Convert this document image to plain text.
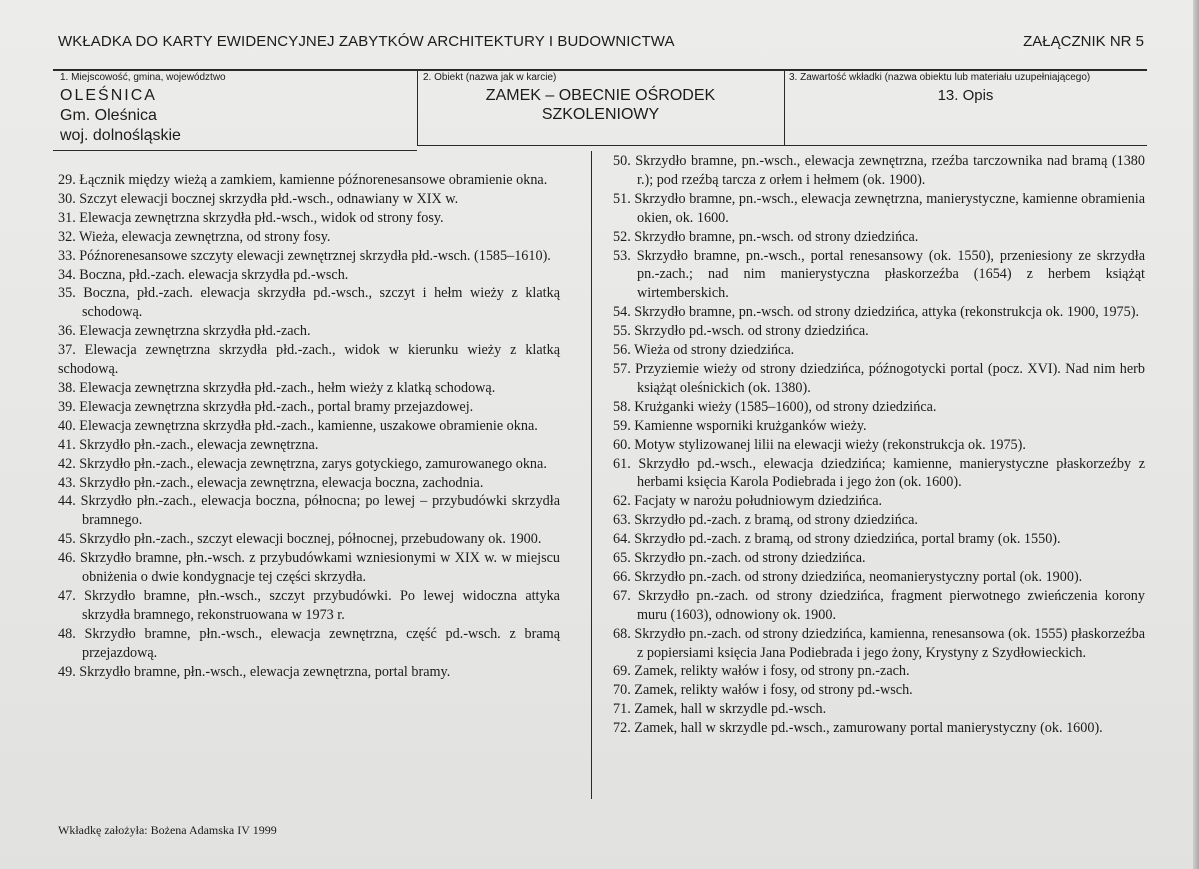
WKŁADKA DO KARTY EWIDENCYJNEJ ZABYTKÓW ARCHITEKTURY I BUDOWNICTWA	ZAŁĄCZNIK NR 5
1. Miejscowość, gmina, województwo
OLEŚNICA
Gm. Oleśnica
woj. dolnośląskie
2. Obiekt (nazwa jak w karcie)
ZAMEK – OBECNIE OŚRODEK
SZKOLENIOWY
3. Zawartość wkładki (nazwa obiektu lub materiału uzupełniającego)
13. Opis
29. Łącznik między wieżą a zamkiem, kamienne późnorenesansowe obramienie okna.
30. Szczyt elewacji bocznej skrzydła płd.-wsch., odnawiany w XIX w.
31. Elewacja zewnętrzna skrzydła płd.-wsch., widok od strony fosy.
32. Wieża, elewacja zewnętrzna, od strony fosy.
33. Późnorenesansowe szczyty elewacji zewnętrznej skrzydła płd.-wsch. (1585–1610).
34. Boczna, płd.-zach. elewacja skrzydła pd.-wsch.
35. Boczna, płd.-zach. elewacja skrzydła pd.-wsch., szczyt i hełm wieży z klatką schodową.
36. Elewacja zewnętrzna skrzydła płd.-zach.
37. Elewacja zewnętrzna skrzydła płd.-zach., widok w kierunku wieży z klatką schodową.
38. Elewacja zewnętrzna skrzydła płd.-zach., hełm wieży z klatką schodową.
39. Elewacja zewnętrzna skrzydła płd.-zach., portal bramy przejazdowej.
40. Elewacja zewnętrzna skrzydła płd.-zach., kamienne, uszakowe obramienie okna.
41. Skrzydło płn.-zach., elewacja zewnętrzna.
42. Skrzydło płn.-zach., elewacja zewnętrzna, zarys gotyckiego, zamurowanego okna.
43. Skrzydło płn.-zach., elewacja zewnętrzna, elewacja boczna, zachodnia.
44. Skrzydło płn.-zach., elewacja boczna, północna; po lewej – przybudówki skrzydła bramnego.
45. Skrzydło płn.-zach., szczyt elewacji bocznej, północnej, przebudowany ok. 1900.
46. Skrzydło bramne, płn.-wsch. z przybudówkami wzniesionymi w XIX w. w miejscu obniżenia o dwie kondygnacje tej części skrzydła.
47. Skrzydło bramne, płn.-wsch., szczyt przybudówki. Po lewej widoczna attyka skrzydła bramnego, rekonstruowana w 1973 r.
48. Skrzydło bramne, płn.-wsch., elewacja zewnętrzna, część pd.-wsch. z bramą przejazdową.
49. Skrzydło bramne, płn.-wsch., elewacja zewnętrzna, portal bramy.
50. Skrzydło bramne, pn.-wsch., elewacja zewnętrzna, rzeźba tarczownika nad bramą (1380 r.); pod rzeźbą tarcza z orłem i hełmem (ok. 1900).
51. Skrzydło bramne, pn.-wsch., elewacja zewnętrzna, manierystyczne, kamienne obramienia okien, ok. 1600.
52. Skrzydło bramne, pn.-wsch. od strony dziedzińca.
53. Skrzydło bramne, pn.-wsch., portal renesansowy (ok. 1550), przeniesiony ze skrzydła pn.-zach.; nad nim manierystyczna płaskorzeźba (1654) z herbem książąt wirtemberskich.
54. Skrzydło bramne, pn.-wsch. od strony dziedzińca, attyka (rekonstrukcja ok. 1900, 1975).
55. Skrzydło pd.-wsch. od strony dziedzińca.
56. Wieża od strony dziedzińca.
57. Przyziemie wieży od strony dziedzińca, późnogotycki portal (pocz. XVI). Nad nim herb książąt oleśnickich (ok. 1380).
58. Krużganki wieży (1585–1600), od strony dziedzińca.
59. Kamienne wsporniki krużganków wieży.
60. Motyw stylizowanej lilii na elewacji wieży (rekonstrukcja ok. 1975).
61. Skrzydło pd.-wsch., elewacja dziedzińca; kamienne, manierystyczne płaskorzeźby z herbami księcia Karola Podiebrada i jego żon (ok. 1600).
62. Facjaty w narożu południowym dziedzińca.
63. Skrzydło pd.-zach. z bramą, od strony dziedzińca.
64. Skrzydło pd.-zach. z bramą, od strony dziedzińca, portal bramy (ok. 1550).
65. Skrzydło pn.-zach. od strony dziedzińca.
66. Skrzydło pn.-zach. od strony dziedzińca, neomanierystyczny portal (ok. 1900).
67. Skrzydło pn.-zach. od strony dziedzińca, fragment pierwotnego zwieńczenia korony muru (1603), odnowiony ok. 1900.
68. Skrzydło pn.-zach. od strony dziedzińca, kamienna, renesansowa (ok. 1555) płaskorzeźba z popiersiami księcia Jana Podiebrada i jego żony, Krystyny z Szydłowieckich.
69. Zamek, relikty wałów i fosy, od strony pn.-zach.
70. Zamek, relikty wałów i fosy, od strony pd.-wsch.
71. Zamek, hall w skrzydle pd.-wsch.
72. Zamek, hall w skrzydle pd.-wsch., zamurowany portal manierystyczny (ok. 1600).
Wkładkę założyła: Bożena Adamska IV 1999
